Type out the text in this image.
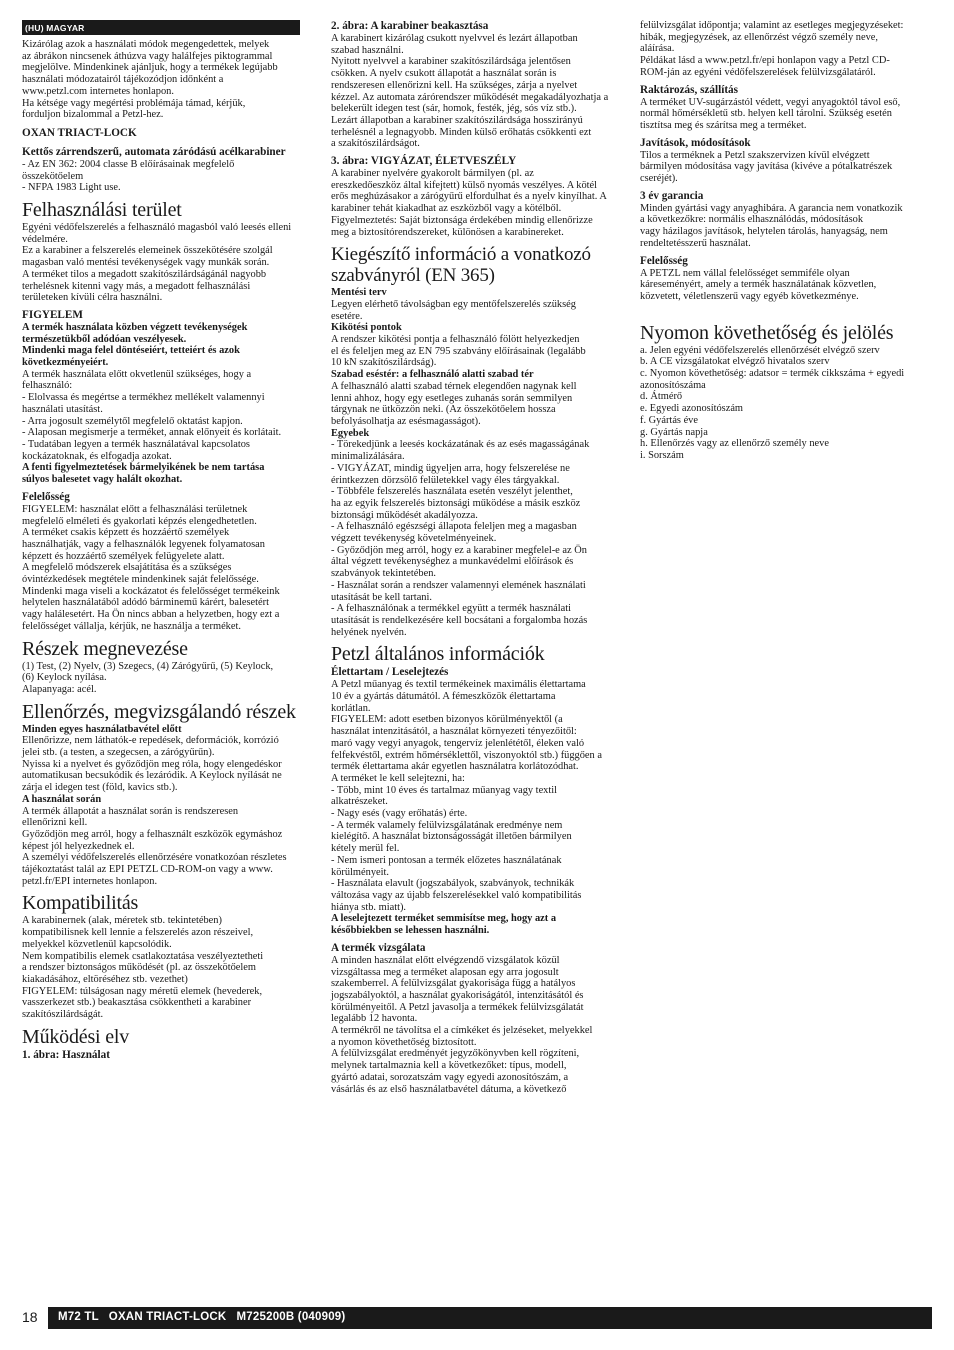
(HU) MAGYAR

Kizárólag azok a használati módok megengedettek, melyek
az ábrákon nincsenek áthúzva vagy halálfejes piktogrammal
megjelölve. Mindenkinek ajánljuk, hogy a termékek legújabb
használati módozatairól tájékozódjon időnként a
www.petzl.com internetes honlapon.
Ha kétsége vagy megértési problémája támad, kérjük,
forduljon bizalommal a Petzl-hez.

OXAN TRIACT-LOCK

Kettős zárrendszerű, automata záródású acélkarabiner

- Az EN 362: 2004 classe B előírásainak megfelelő
összekötőelem
- NFPA 1983 Light use.

Felhasználási terület

Egyéni védőfelszerelés a felhasználó magasból való leesés elleni
védelmére.
Ez a karabiner a felszerelés elemeinek összekötésére szolgál
magasban való mentési tevékenységek vagy munkák során.
A terméket tilos a megadott szakítószilárdságánál nagyobb
terhelésnek kitenni vagy más, a megadott felhasználási
területeken kívüli célra használni.

FIGYELEM

A termék használata közben végzett tevékenységek
természetükből adódóan veszélyesek.
Mindenki maga felel döntéseiért, tetteiért és azok
következményeiért.

A termék használata előtt okvetlenül szükséges, hogy a
felhasználó:
- Elolvassa és megértse a termékhez mellékelt valamennyi
használati utasítást.
- Arra jogosult személytől megfelelő oktatást kapjon.
- Alaposan megismerje a terméket, annak előnyeit és korlátait.
- Tudatában legyen a termék használatával kapcsolatos
kockázatoknak, és elfogadja azokat.

A fenti figyelmeztetések bármelyikének be nem tartása
súlyos balesetet vagy halált okozhat.

Felelősség

FIGYELEM: használat előtt a felhasználási területnek
megfelelő elméleti és gyakorlati képzés elengedhetetlen.
A terméket csakis képzett és hozzáértő személyek
használhatják, vagy a felhasználók legyenek folyamatosan
képzett és hozzáértő személyek felügyelete alatt.
A megfelelő módszerek elsajátítása és a szükséges
óvintézkedések megtétele mindenkinek saját felelőssége.
Mindenki maga viseli a kockázatot és felelősséget termékeink
helytelen használatából adódó bárminemű kárért, balesetért
vagy halálesetért. Ha Ön nincs abban a helyzetben, hogy ezt a
felelősséget vállalja, kérjük, ne használja a terméket.

Részek megnevezése

(1) Test, (2) Nyelv, (3) Szegecs, (4) Zárógyűrű, (5) Keylock,
(6) Keylock nyílása.
Alapanyaga: acél.

Ellenőrzés, megvizsgálandó részek

Minden egyes használatbavétel előtt

Ellenőrizze, nem láthatók-e repedések, deformációk, korrózió
jelei stb. (a testen, a szegecsen, a zárógyűrűn).
Nyissa ki a nyelvet és győződjön meg róla, hogy elengedéskor
automatikusan becsukódik és lezáródik. A Keylock nyílását ne
zárja el idegen test (föld, kavics stb.).

A használat során

A termék állapotát a használat során is rendszeresen
ellenőrizni kell.
Győződjön meg arról, hogy a felhasznált eszközök egymáshoz
képest jól helyezkednek el.
A személyi védőfelszerelés ellenőrzésére vonatkozóan részletes
tájékoztatást talál az EPI PETZL CD-ROM-on vagy a www.
petzl.fr/EPI internetes honlapon.

Kompatibilitás

A karabinernek (alak, méretek stb. tekintetében)
kompatibilisnek kell lennie a felszerelés azon részeivel,
melyekkel közvetlenül kapcsolódik.
Nem kompatibilis elemek csatlakoztatása veszélyeztetheti
a rendszer biztonságos működését (pl. az összekötőelem
kiakadásához, eltöréséhez stb. vezethet)
FIGYELEM: túlságosan nagy méretű elemek (hevederek,
vasszerkezet stb.) beakasztása csökkentheti a karabiner
szakítószilárdságát.

Működési elv

1. ábra: Használat

2. ábra: A karabiner beakasztása

A karabinert kizárólag csukott nyelvvel és lezárt állapotban
szabad használni.
Nyitott nyelvvel a karabiner szakítószilárdsága jelentősen
csökken. A nyelv csukott állapotát a használat során is
rendszeresen ellenőrizni kell. Ha szükséges, zárja a nyelvet
kézzel. Az automata zárórendszer működését megakadályozhatja a
belekerült idegen test (sár, homok, festék, jég, sós víz stb.).
Lezárt állapotban a karabiner szakítószilárdsága hosszirányú
terhelésnél a legnagyobb. Minden külső erőhatás csökkenti ezt
a szakítószilárdságot.

3. ábra: VIGYÁZAT, ÉLETVESZÉLY

A karabiner nyelvére gyakorolt bármilyen (pl. az
ereszkedőeszköz által kifejtett) külső nyomás veszélyes. A kötél
erős meghúzásakor a zárógyűrű elfordulhat és a nyelv kinyílhat. A
karabiner tehát kiakadhat az eszközből vagy a kötélből.
Figyelmeztetés: Saját biztonsága érdekében mindig ellenőrizze
meg a biztosítórendszereket, különösen a karabinereket.

Kiegészítő információ a vonatkozó
szabványról (EN 365)

Mentési terv

Legyen elérhető távolságban egy mentőfelszerelés szükség
esetére.

Kikötési pontok

A rendszer kikötési pontja a felhasználó fölött helyezkedjen
el és feleljen meg az EN 795 szabvány előírásainak (legalább
10 kN szakítószilárdság).

Szabad esés​tér: a felhasználó alatti szabad tér

A felhasználó alatti szabad térnek elegendően nagynak kell
lenni ahhoz, hogy egy esetleges zuhanás során semmilyen
tárgynak ne ütközzön neki. (Az összekötőelem hossza
befolyásolhatja az esésmagasságot).

Egyebek

- Törekedjünk a leesés kockázatának és az esés magasságának
minimalizálására.
- VIGYÁZAT, mindig ügyeljen arra, hogy felszerelése ne
érintkezzen dörzsölő felületekkel vagy éles tárgyakkal.
- Többféle felszerelés használata esetén veszélyt jelenthet,
ha az egyik felszerelés biztonsági működése a másik eszköz
biztonsági működését akadályozza.
- A felhasználó egészségi állapota feleljen meg a magasban
végzett tevékenység követelményeinek.
- Győződjön meg arról, hogy ez a karabiner megfelel-e az Ön
által végzett tevékenységhez a munkavédelmi előírások és
szabványok tekintetében.
- Használat során a rendszer valamennyi elemének használati
utasítását be kell tartani.
- A felhasználónak a termékkel együtt a termék használati
utasítását is rendelkezésére kell bocsátani a forgalomba hozás
helyének nyelvén.

Petzl általános információk

Élettartam / Leselejtezés

A Petzl műanyag és textil termékeinek maximális élettartama
10 év a gyártás dátumától. A fémeszközök élettartama
korlátlan.
FIGYELEM: adott esetben bizonyos körülményektől (a
használat intenzitásától, a használat környezeti tényezőitől:
maró vagy vegyi anyagok, tengervíz jelenlététől, éleken való
felfekvéstől, extrém hőmérséklettől, viszonyoktól stb.) függően a
termék élettartama akár egyetlen használatra korlátozódhat.
A terméket le kell selejtezni, ha:
- Több, mint 10 éves és tartalmaz műanyag vagy textil
alkatrészeket.
- Nagy esés (vagy erőhatás) érte.
- A termék valamely felülvizsgálatának eredménye nem
kielégítő. A használat biztonságosságát illetően bármilyen
kétely merül fel.
- Nem ismeri pontosan a termék előzetes használatának
körülményeit.
- Használata elavult (jogszabályok, szabványok, technikák
változása vagy az újabb felszerelésekkel való kompatibilitás
hiánya stb. miatt).

A leselejtezett terméket semmisítse meg, hogy azt a
későbbiekben se lehessen használni.

A termék vizsgálata

A minden használat előtt elvégzendő vizsgálatok közül
vizsgáltassa meg a terméket alaposan egy arra jogosult
szakemberrel. A felülvizsgálat gyakorisága függ a hatályos
jogszabályoktól, a használat gyakoriságától, intenzitásától és
körülményeitől. A Petzl javasolja a termékek felülvizsgálatát
legalább 12 havonta.
A termékről ne távolítsa el a címkéket és jelzéseket, melyekkel
a nyomon követhetőség biztosított.
A felülvizsgálat eredményét jegyzőkönyvben kell rögzíteni,
melynek tartalmaznia kell a következőket: típus, modell,
gyártó adatai, sorozatszám vagy egyedi azonosítószám, a
vásárlás és az első használatbavétel dátuma, a következő

felülvizsgálat időpontja; valamint az esetleges megjegyzéseket:
hibák, megjegyzések, az ellenőrzést végző személy neve,
aláírása.
Példákat lásd a www.petzl.fr/epi honlapon vagy a Petzl CD-
ROM-ján az egyéni védőfelszerelések felülvizsgálatáról.

Raktározás, szállítás

A terméket UV-sugárzástól védett, vegyi anyagoktól távol eső,
normál hőmérsékletű stb. helyen kell tárolni. Szükség esetén
tisztítsa meg és szárítsa meg a terméket.

Javítások, módosítások

Tilos a terméknek a Petzl szakszervizen kívül elvégzett
bármilyen módosítása vagy javítása (kivéve a pótalkatrészek
cseréjét).

3 év garancia

Minden gyártási vagy anyaghibára. A garancia nem vonatkozik
a következőkre: normális elhasználódás, módosítások
vagy házilagos javítások, helytelen tárolás, hanyagság, nem
rendeltetésszerű használat.

Felelősség

A PETZL nem vállal felelősséget semmiféle olyan
káreseményért, amely a termék használatának közvetlen,
közvetett, véletlenszerű vagy egyéb következménye.

Nyomon követhetőség és jelölés

a. Jelen egyéni védőfelszerelés ellenőrzését elvégző szerv
b. A CE vizsgálatokat elvégző hivatalos szerv
c. Nyomon követhetőség: adatsor = termék cikkszáma + egyedi
azonosítószáma
d. Átmérő
e. Egyedi azonosítószám
f. Gyártás éve
g. Gyártás napja
h. Ellenőrzés vagy az ellenőrző személy neve
i. Sorszám

18 M72 TL   OXAN TRIACT-LOCK   M725200B (040909)
